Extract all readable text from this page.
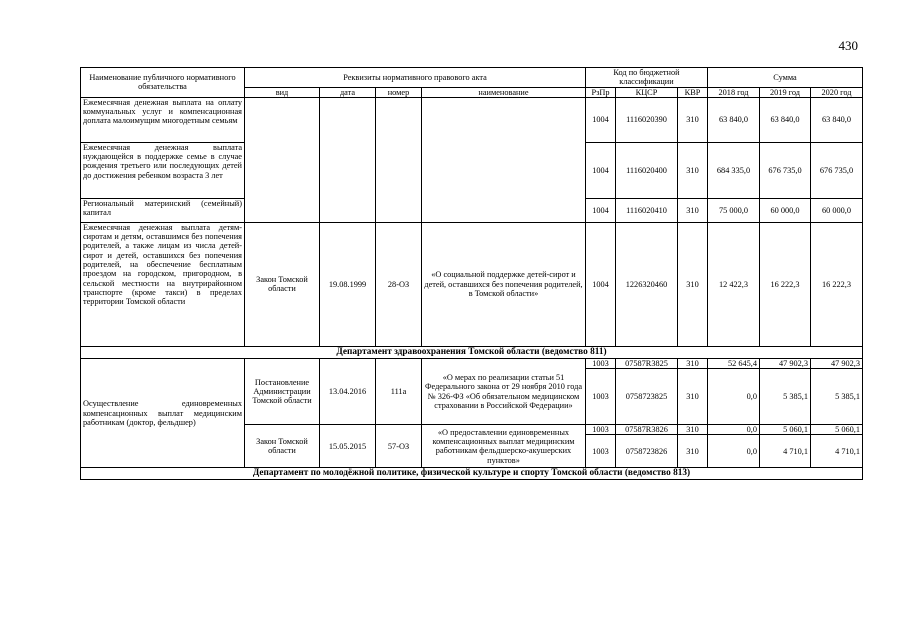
430
Наименование публичного нормативного обязательства	Реквизиты нормативного правового акта				Код по бюджетной классификации			Сумма		
	вид	дата	номер	наименование	РзПр	КЦСР	КВР	2018 год	2019 год	2020 год
Ежемесячная денежная выплата на оплату коммунальных услуг и компенсационная доплата малоимущим многодетным семьям					1004	1116020390	310	63 840,0	63 840,0	63 840,0
Ежемесячная денежная выплата нуждающейся в поддержке семье в случае рождения третьего или последующих детей до достижения ребенком возраста 3 лет					1004	1116020400	310	684 335,0	676 735,0	676 735,0
Региональный материнский (семейный) капитал					1004	1116020410	310	75 000,0	60 000,0	60 000,0
Ежемесячная денежная выплата детям-сиротам и детям, оставшимся без попечения родителей, а также лицам из числа детей-сирот и детей, оставшихся без попечения родителей, на обеспечение бесплатным проездом на городском, пригородном, в сельской местности на внутрирайонном транспорте (кроме такси) в пределах территории Томской области	Закон Томской области	19.08.1999	28-ОЗ	«О социальной поддержке детей-сирот и детей, оставшихся без попечения родителей, в Томской области»	1004	1226320460	310	12 422,3	16 222,3	16 222,3
Департамент здравоохранения Томской области (ведомство 811)										
Осуществление единовременных компенсационных выплат медицинским работникам (доктор, фельдшер)	Постановление Администрации Томской области	13.04.2016	111а	«О мерах по реализации статьи 51 Федерального закона от 29 ноября 2010 года № 326-ФЗ «Об обязательном медицинском страховании в Российской Федерации»	1003	07587R3825	310	52 645,4	47 902,3	47 902,3
					1003	0758723825	310	0,0	5 385,1	5 385,1
	Закон Томской области	15.05.2015	57-ОЗ	«О предоставлении единовременных компенсационных выплат медицинским работникам фельдшерско-акушерских пунктов»	1003	07587R3826	310	0,0	5 060,1	5 060,1
					1003	0758723826	310	0,0	4 710,1	4 710,1
Департамент по молодёжной политике, физической культуре и спорту Томской области (ведомство 813)										
